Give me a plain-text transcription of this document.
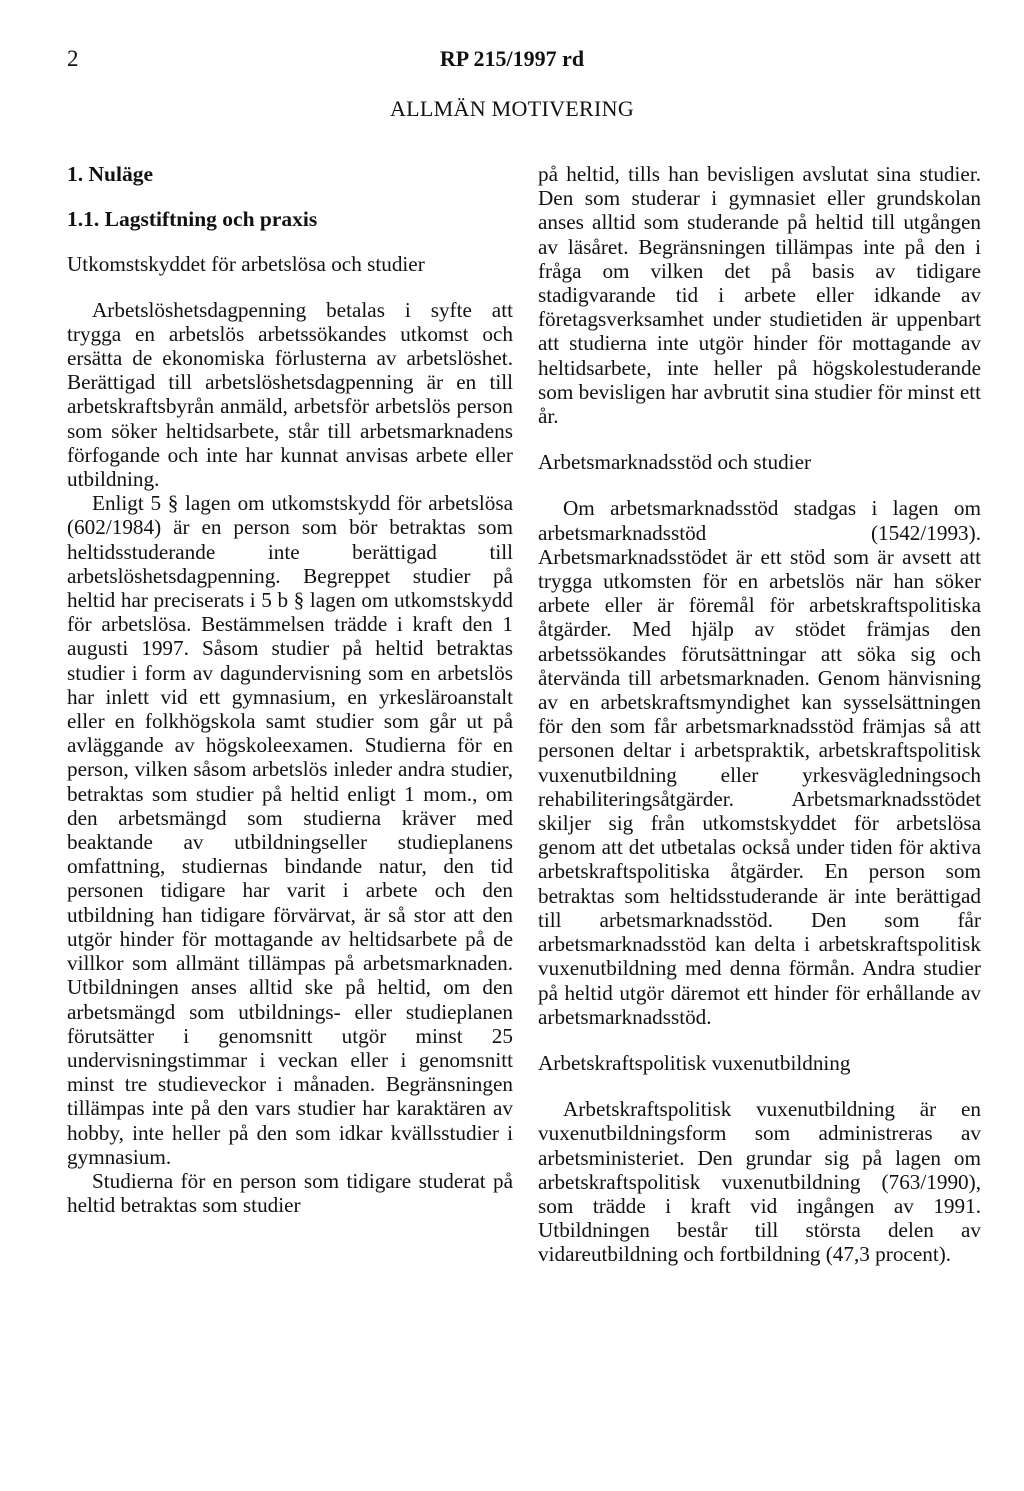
2	RP 215/1997 rd
ALLMÄN MOTIVERING
1. Nuläge
1.1. Lagstiftning och praxis
Utkomstskyddet för arbetslösa och studier

Arbetslöshetsdagpenning betalas i syfte att trygga en arbetslös arbetssökandes utkomst och ersätta de ekonomiska förlusterna av arbetslöshet. Berättigad till arbetslöshetsdagpenning är en till arbetskraftsbyrån anmäld, arbetsför arbetslös person som söker heltidsarbete, står till arbetsmarknadens förfogande och inte har kunnat anvisas arbete eller utbildning.

Enligt 5 § lagen om utkomstskydd för arbetslösa (602/1984) är en person som bör betraktas som heltidsstuderande inte berättigad till arbetslöshetsdagpenning. Begreppet studier på heltid har preciserats i 5 b § lagen om utkomstskydd för arbetslösa. Bestämmelsen trädde i kraft den 1 augusti 1997. Såsom studier på heltid betraktas studier i form av dagundervisning som en arbetslös har inlett vid ett gymnasium, en yrkesläroanstalt eller en folkhögskola samt studier som går ut på avläggande av högskoleexamen. Studierna för en person, vilken såsom arbetslös inleder andra studier, betraktas som studier på heltid enligt 1 mom., om den arbetsmängd som studierna kräver med beaktande av utbildningseller studieplanens omfattning, studiernas bindande natur, den tid personen tidigare har varit i arbete och den utbildning han tidigare förvärvat, är så stor att den utgör hinder för mottagande av heltidsarbete på de villkor som allmänt tillämpas på arbetsmarknaden. Utbildningen anses alltid ske på heltid, om den arbetsmängd som utbildnings- eller studieplanen förutsätter i genomsnitt utgör minst 25 undervisningstimmar i veckan eller i genomsnitt minst tre studieveckor i månaden. Begränsningen tillämpas inte på den vars studier har karaktären av hobby, inte heller på den som idkar kvällsstudier i gymnasium.

Studierna för en person som tidigare studerat på heltid betraktas som studier

på heltid, tills han bevisligen avslutat sina studier. Den som studerar i gymnasiet eller grundskolan anses alltid som studerande på heltid till utgången av läsåret. Begränsningen tillämpas inte på den i fråga om vilken det på basis av tidigare stadigvarande tid i arbete eller idkande av företagsverksamhet under studietiden är uppenbart att studierna inte utgör hinder för mottagande av heltidsarbete, inte heller på högskolestuderande som bevisligen har avbrutit sina studier för minst ett år.

Arbetsmarknadsstöd och studier

Om arbetsmarknadsstöd stadgas i lagen om arbetsmarknadsstöd (1542/1993). Arbetsmarknadsstödet är ett stöd som är avsett att trygga utkomsten för en arbetslös när han söker arbete eller är föremål för arbetskraftspolitiska åtgärder. Med hjälp av stödet främjas den arbetssökandes förutsättningar att söka sig och återvända till arbetsmarknaden. Genom hänvisning av en arbetskraftsmyndighet kan sysselsättningen för den som får arbetsmarknadsstöd främjas så att personen deltar i arbetspraktik, arbetskraftspolitisk vuxenutbildning eller yrkesvägledningsoch rehabiliteringsåtgärder. Arbetsmarknadsstödet skiljer sig från utkomstskyddet för arbetslösa genom att det utbetalas också under tiden för aktiva arbetskraftspolitiska åtgärder. En person som betraktas som heltidsstuderande är inte berättigad till arbetsmarknadsstöd. Den som får arbetsmarknadsstöd kan delta i arbetskraftspolitisk vuxenutbildning med denna förmån. Andra studier på heltid utgör däremot ett hinder för erhållande av arbetsmarknadsstöd.

Arbetskraftspolitisk vuxenutbildning

Arbetskraftspolitisk vuxenutbildning är en vuxenutbildningsform som administreras av arbetsministeriet. Den grundar sig på lagen om arbetskraftspolitisk vuxenutbildning (763/1990), som trädde i kraft vid ingången av 1991. Utbildningen består till största delen av vidareutbildning och fortbildning (47,3 procent).
